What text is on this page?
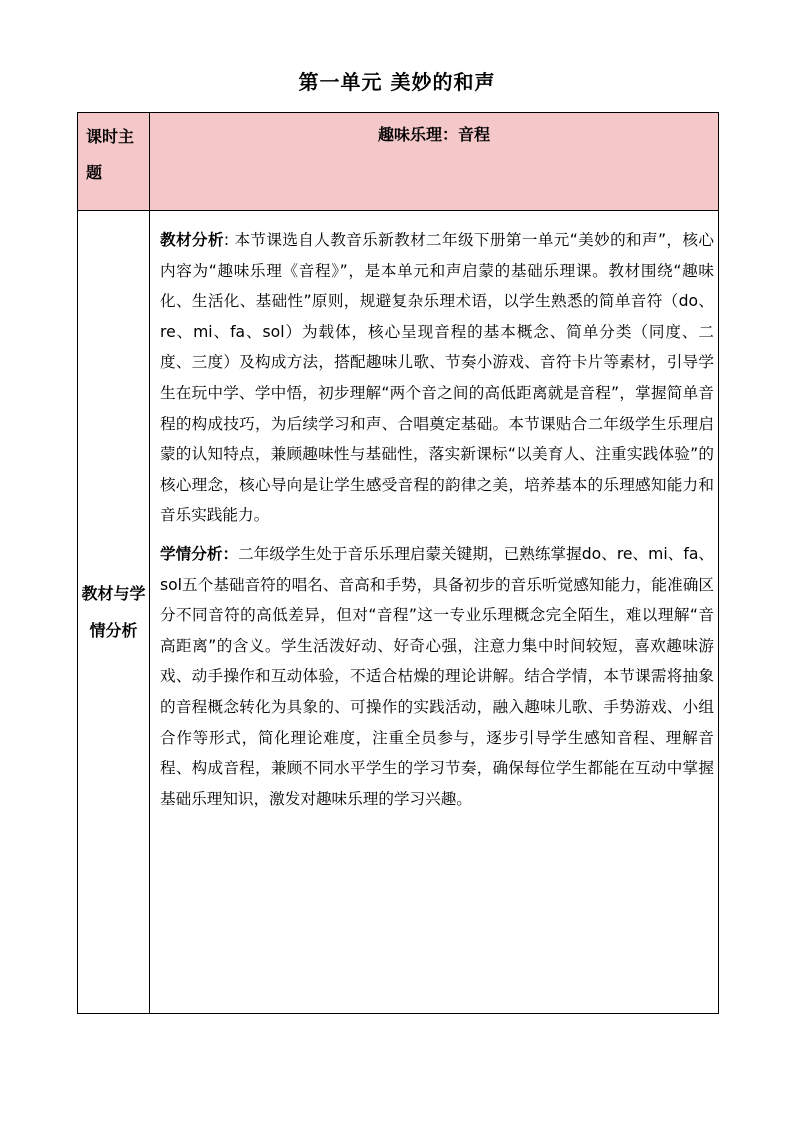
第一单元 美妙的和声
课时主题	趣味乐理：音程
教材与学情分析	教材分析: 本节课选自人教音乐新教材二年级下册第一单元“美妙的和声”，核心内容为“趣味乐理《音程》”，是本单元和声启蒙的基础乐理课。教材围绕“趣味化、生活化、基础性”原则，规避复杂乐理术语，以学生熟悉的简单音符（do、re、mi、fa、sol）为载体，核心呈现音程的基本概念、简单分类（同度、二度、三度）及构成方法，搭配趣味儿歌、节奏小游戏、音符卡片等素材，引导学生在玩中学、学中悟，初步理解“两个音之间的高低距离就是音程”，掌握简单音程的构成技巧，为后续学习和声、合唱奠定基础。本节课贴合二年级学生乐理启蒙的认知特点，兼顾趣味性与基础性，落实新课标“以美育人、注重实践体验”的核心理念，核心导向是让学生感受音程的韵律之美，培养基本的乐理感知能力和音乐实践能力。

学情分析：二年级学生处于音乐乐理启蒙关键期，已熟练掌握do、re、mi、fa、sol五个基础音符的唱名、音高和手势，具备初步的音乐听觉感知能力，能准确区分不同音符的高低差异，但对“音程”这一专业乐理概念完全陌生，难以理解“音高距离”的含义。学生活泼好动、好奇心强，注意力集中时间较短，喜欢趣味游戏、动手操作和互动体验，不适合枯燥的理论讲解。结合学情，本节课需将抽象的音程概念转化为具象的、可操作的实践活动，融入趣味儿歌、手势游戏、小组合作等形式，简化理论难度，注重全员参与，逐步引导学生感知音程、理解音程、构成音程，兼顾不同水平学生的学习节奏，确保每位学生都能在互动中掌握基础乐理知识，激发对趣味乐理的学习兴趣。
